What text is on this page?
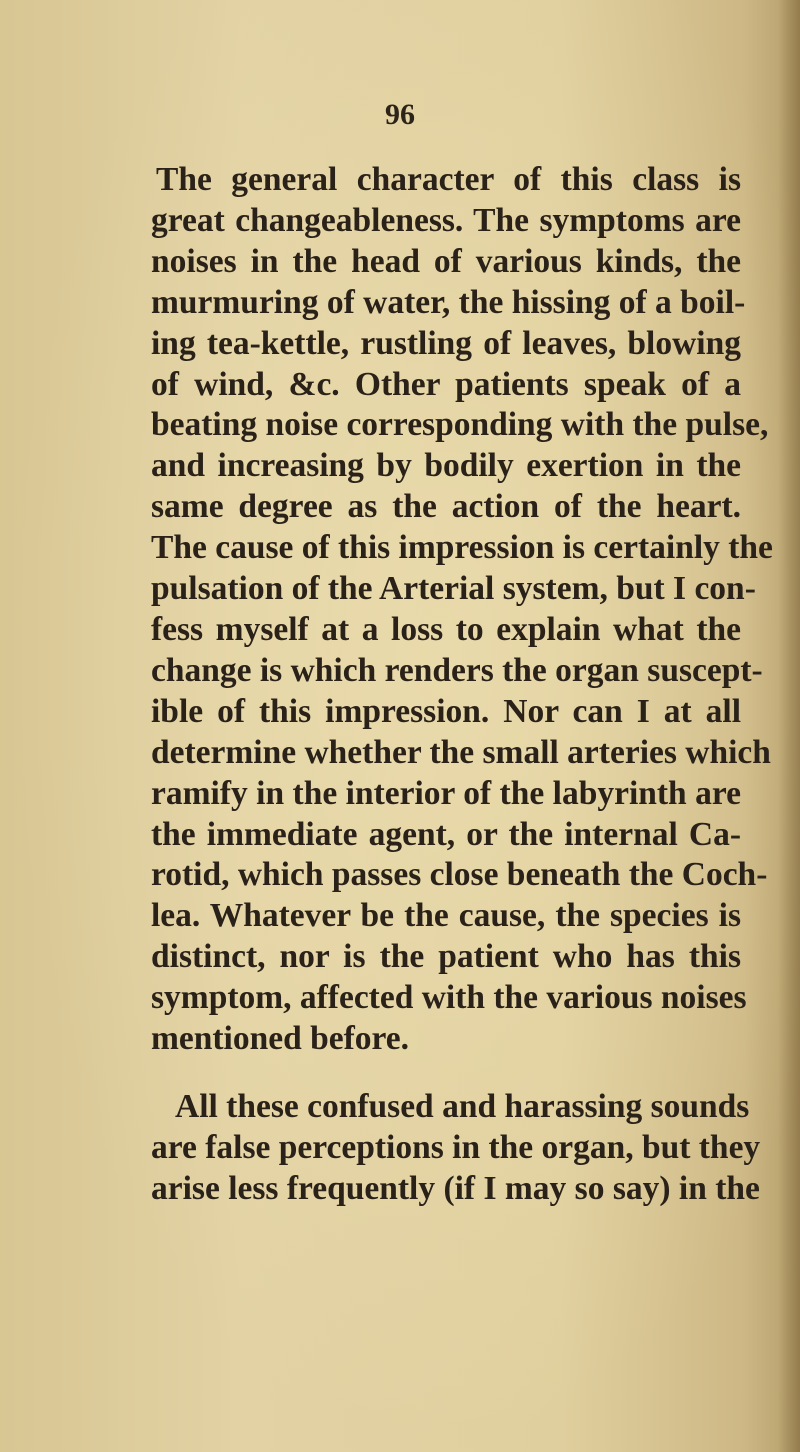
96
The general character of this class is
great changeableness. The symptoms are
noises in the head of various kinds, the
murmuring of water, the hissing of a boil-
ing tea-kettle, rustling of leaves, blowing
of wind, &c. Other patients speak of a
beating noise corresponding with the pulse,
and increasing by bodily exertion in the
same degree as the action of the heart.
The cause of this impression is certainly the
pulsation of the Arterial system, but I con-
fess myself at a loss to explain what the
change is which renders the organ suscept-
ible of this impression. Nor can I at all
determine whether the small arteries which
ramify in the interior of the labyrinth are
the immediate agent, or the internal Ca-
rotid, which passes close beneath the Coch-
lea. Whatever be the cause, the species is
distinct, nor is the patient who has this
symptom, affected with the various noises
mentioned before.
All these confused and harassing sounds
are false perceptions in the organ, but they
arise less frequently (if I may so say) in the
